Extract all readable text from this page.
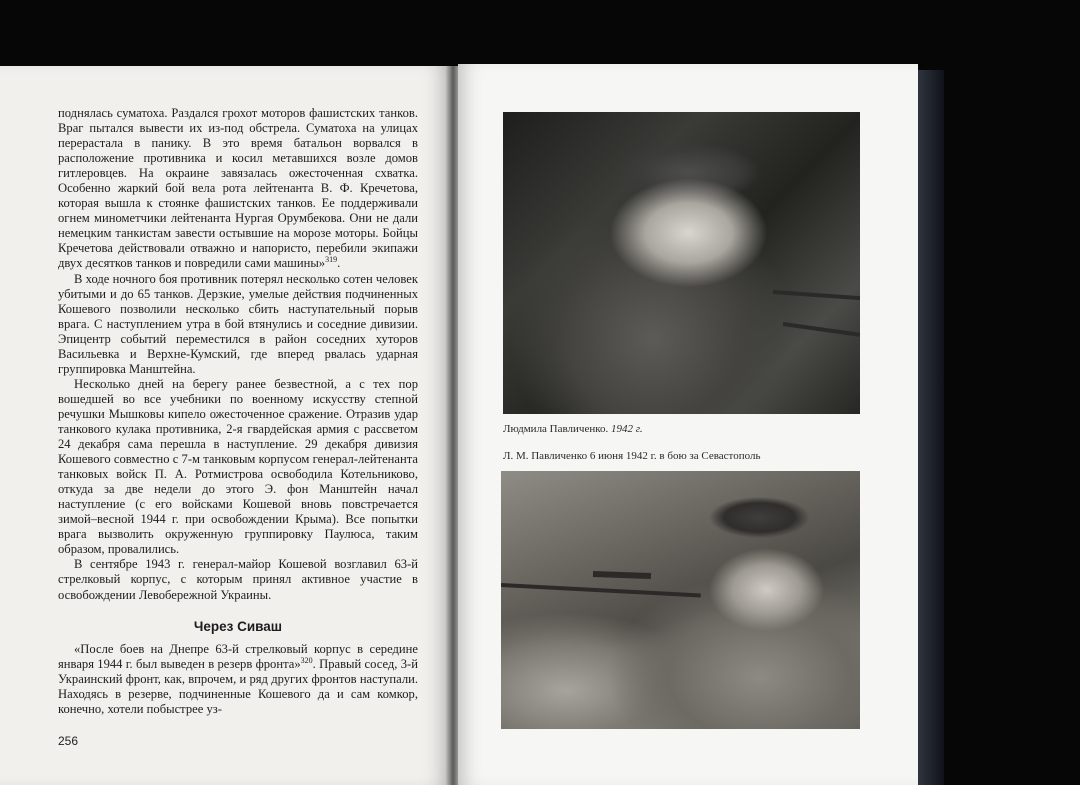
поднялась суматоха. Раздался грохот моторов фашистских танков. Враг пытался вывести их из-под обстрела. Суматоха на улицах перерастала в панику. В это время батальон ворвался в расположение противника и косил метавшихся возле домов гитлеровцев. На окраине завязалась ожесточенная схватка. Особенно жаркий бой вела рота лейтенанта В. Ф. Кречетова, которая вышла к стоянке фашистских танков. Ее поддерживали огнем минометчики лейтенанта Нургая Орумбекова. Они не дали немецким танкистам завести остывшие на морозе моторы. Бойцы Кречетова действовали отважно и напористо, перебили экипажи двух десятков танков и повредили сами машины»$^{319}$.

В ходе ночного боя противник потерял несколько сотен человек убитыми и до 65 танков. Дерзкие, умелые действия подчиненных Кошевого позволили несколько сбить наступательный порыв врага. С наступлением утра в бой втянулись и соседние дивизии. Эпицентр событий переместился в район соседних хуторов Васильевка и Верхне-Кумский, где вперед рвалась ударная группировка Манштейна.

Несколько дней на берегу ранее безвестной, а с тех пор вошедшей во все учебники по военному искусству степной речушки Мышковы кипело ожесточенное сражение. Отразив удар танкового кулака противника, 2-я гвардейская армия с рассветом 24 декабря сама перешла в наступление. 29 декабря дивизия Кошевого совместно с 7-м танковым корпусом генерал-лейтенанта танковых войск П. А. Ротмистрова освободила Котельниково, откуда за две недели до этого Э. фон Манштейн начал наступление (с его войсками Кошевой вновь повстречается зимой–весной 1944 г. при освобождении Крыма). Все попытки врага вызволить окруженную группировку Паулюса, таким образом, провалились.

В сентябре 1943 г. генерал-майор Кошевой возглавил 63-й стрелковый корпус, с которым принял активное участие в освобождении Левобережной Украины.

Через Сиваш

«После боев на Днепре 63-й стрелковый корпус в середине января 1944 г. был выведен в резерв фронта»$^{320}$. Правый сосед, 3-й Украинский фронт, как, впрочем, и ряд других фронтов наступали. Находясь в резерве, подчиненные Кошевого да и сам комкор, конечно, хотели побыстрее уз-

256
Людмила Павличенко. 1942 г.
Л. М. Павличенко 6 июня 1942 г. в бою за Севастополь
